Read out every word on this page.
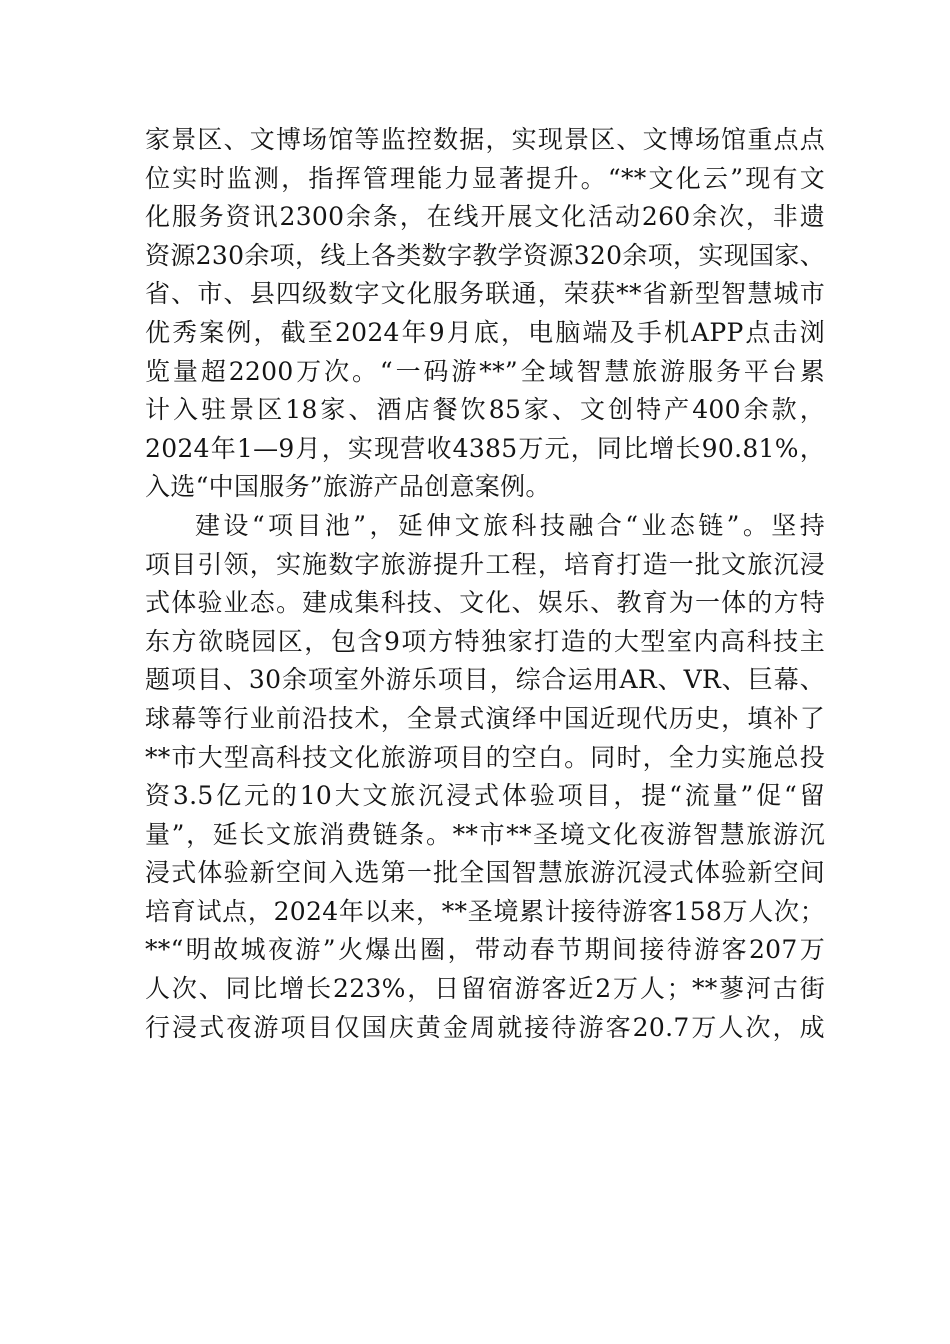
家景区、文博场馆等监控数据，实现景区、文博场馆重点点
位实时监测，指挥管理能力显著提升。“**文化云”现有文
化服务资讯2300余条，在线开展文化活动260余次，非遗
资源230余项，线上各类数字教学资源320余项，实现国家、
省、市、县四级数字文化服务联通，荣获**省新型智慧城市
优秀案例，截至2024年9月底，电脑端及手机APP点击浏
览量超2200万次。“一码游**”全域智慧旅游服务平台累
计入驻景区18家、酒店餐饮85家、文创特产400余款，
2024年1—9月，实现营收4385万元，同比增长90.81%，
入选“中国服务”旅游产品创意案例。
建设“项目池”，延伸文旅科技融合“业态链”。坚持
项目引领，实施数字旅游提升工程，培育打造一批文旅沉浸
式体验业态。建成集科技、文化、娱乐、教育为一体的方特
东方欲晓园区，包含9项方特独家打造的大型室内高科技主
题项目、30余项室外游乐项目，综合运用AR、VR、巨幕、
球幕等行业前沿技术，全景式演绎中国近现代历史，填补了
**市大型高科技文化旅游项目的空白。同时，全力实施总投
资3.5亿元的10大文旅沉浸式体验项目，提“流量”促“留
量”，延长文旅消费链条。**市**圣境文化夜游智慧旅游沉
浸式体验新空间入选第一批全国智慧旅游沉浸式体验新空间
培育试点，2024年以来，**圣境累计接待游客158万人次；
**“明故城夜游”火爆出圈，带动春节期间接待游客207万
人次、同比增长223%，日留宿游客近2万人；**蓼河古街
行浸式夜游项目仅国庆黄金周就接待游客20.7万人次，成
